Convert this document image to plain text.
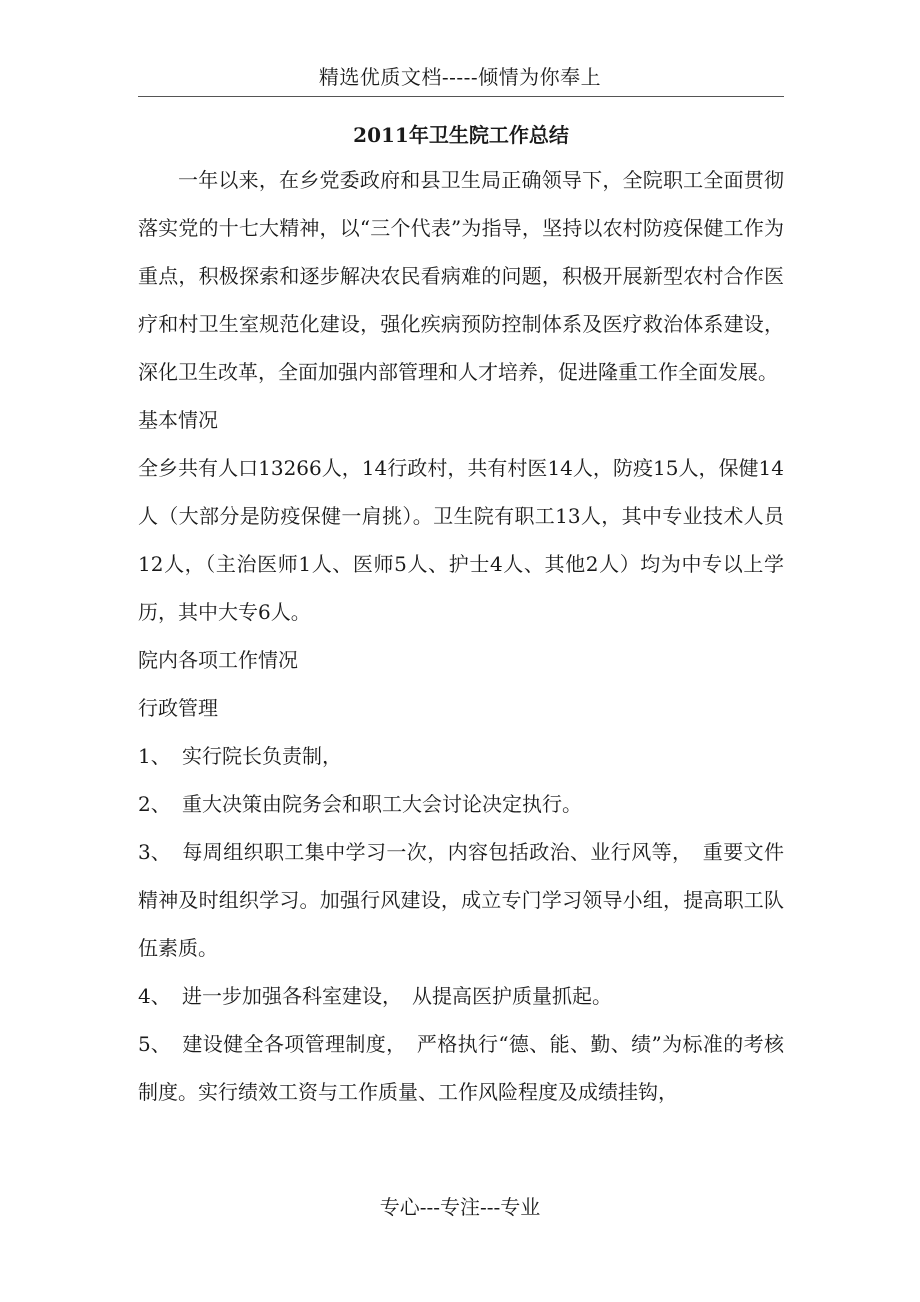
精选优质文档-----倾情为你奉上
2011年卫生院工作总结

一年以来，在乡党委政府和县卫生局正确领导下，全院职工全面贯彻落实党的十七大精神，以“三个代表”为指导，坚持以农村防疫保健工作为重点，积极探索和逐步解决农民看病难的问题，积极开展新型农村合作医疗和村卫生室规范化建设，强化疾病预防控制体系及医疗救治体系建设，深化卫生改革，全面加强内部管理和人才培养，促进隆重工作全面发展。

基本情况

全乡共有人口13266人，14行政村，共有村医14人，防疫15人，保健14人（大部分是防疫保健一肩挑）。卫生院有职工13人，其中专业技术人员12人，（主治医师1人、医师5人、护士4人、其他2人）均为中专以上学历，其中大专6人。

院内各项工作情况

行政管理

1、 实行院长负责制，

2、 重大决策由院务会和职工大会讨论决定执行。

3、 每周组织职工集中学习一次，内容包括政治、业行风等，　重要文件精神及时组织学习。加强行风建设，成立专门学习领导小组，提高职工队伍素质。

4、 进一步加强各科室建设，　从提高医护质量抓起。

5、 建设健全各项管理制度，　严格执行“德、能、勤、绩”为标准的考核制度。实行绩效工资与工作质量、工作风险程度及成绩挂钩，

专心---专注---专业
